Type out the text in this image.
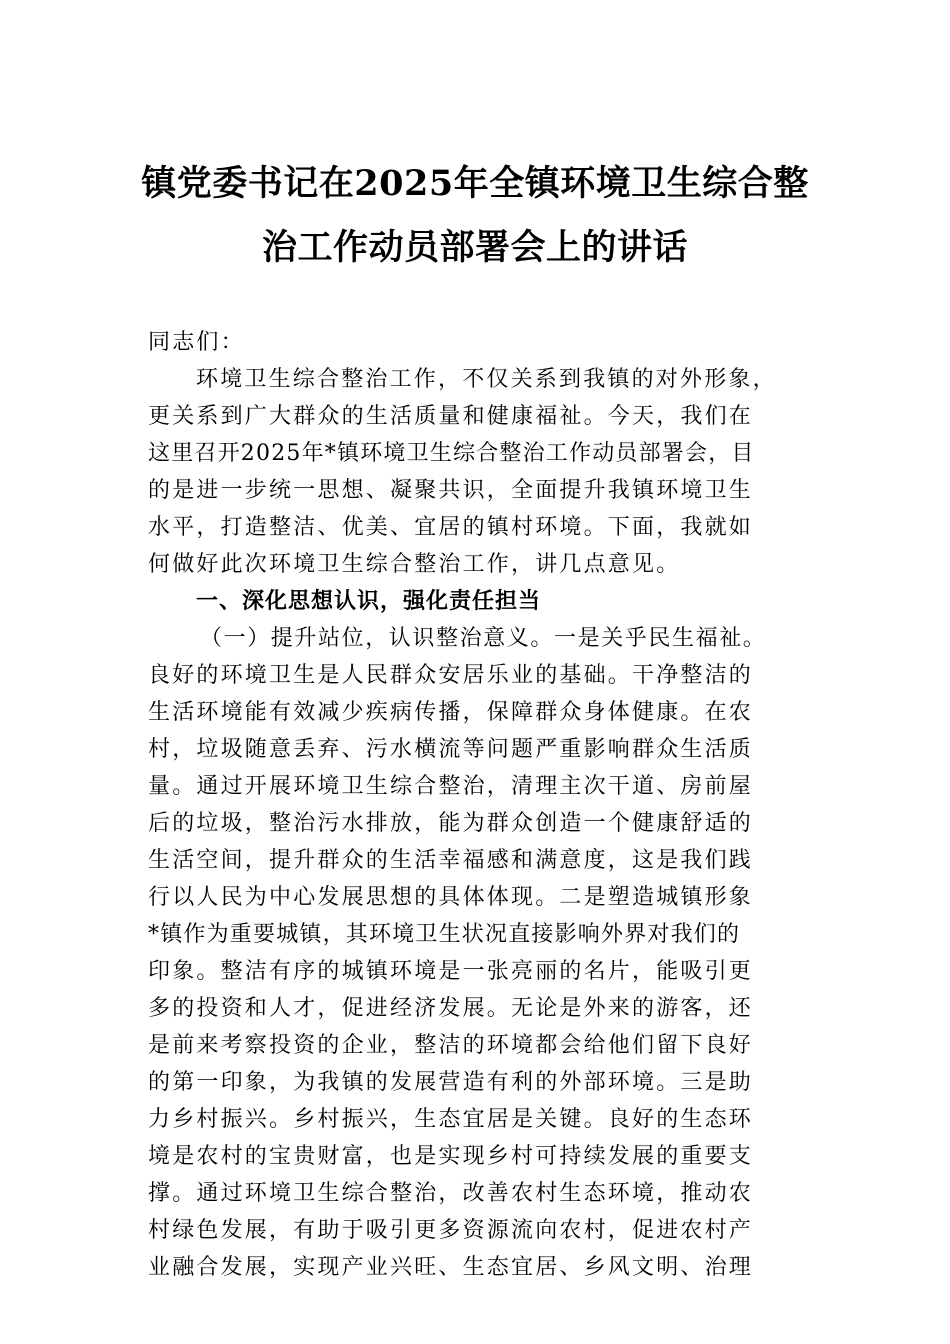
镇党委书记在2025年全镇环境卫生综合整
治工作动员部署会上的讲话
同志们：
环境卫生综合整治工作，不仅关系到我镇的对外形象，
更关系到广大群众的生活质量和健康福祉。今天，我们在
这里召开2025年*镇环境卫生综合整治工作动员部署会，目
的是进一步统一思想、凝聚共识，全面提升我镇环境卫生
水平，打造整洁、优美、宜居的镇村环境。下面，我就如
何做好此次环境卫生综合整治工作，讲几点意见。
一、深化思想认识，强化责任担当
（一）提升站位，认识整治意义。一是关乎民生福祉。
良好的环境卫生是人民群众安居乐业的基础。干净整洁的
生活环境能有效减少疾病传播，保障群众身体健康。在农
村，垃圾随意丢弃、污水横流等问题严重影响群众生活质
量。通过开展环境卫生综合整治，清理主次干道、房前屋
后的垃圾，整治污水排放，能为群众创造一个健康舒适的
生活空间，提升群众的生活幸福感和满意度，这是我们践
行以人民为中心发展思想的具体体现。二是塑造城镇形象
*镇作为重要城镇，其环境卫生状况直接影响外界对我们的
印象。整洁有序的城镇环境是一张亮丽的名片，能吸引更
多的投资和人才，促进经济发展。无论是外来的游客，还
是前来考察投资的企业，整洁的环境都会给他们留下良好
的第一印象，为我镇的发展营造有利的外部环境。三是助
力乡村振兴。乡村振兴，生态宜居是关键。良好的生态环
境是农村的宝贵财富，也是实现乡村可持续发展的重要支
撑。通过环境卫生综合整治，改善农村生态环境，推动农
村绿色发展，有助于吸引更多资源流向农村，促进农村产
业融合发展，实现产业兴旺、生态宜居、乡风文明、治理
